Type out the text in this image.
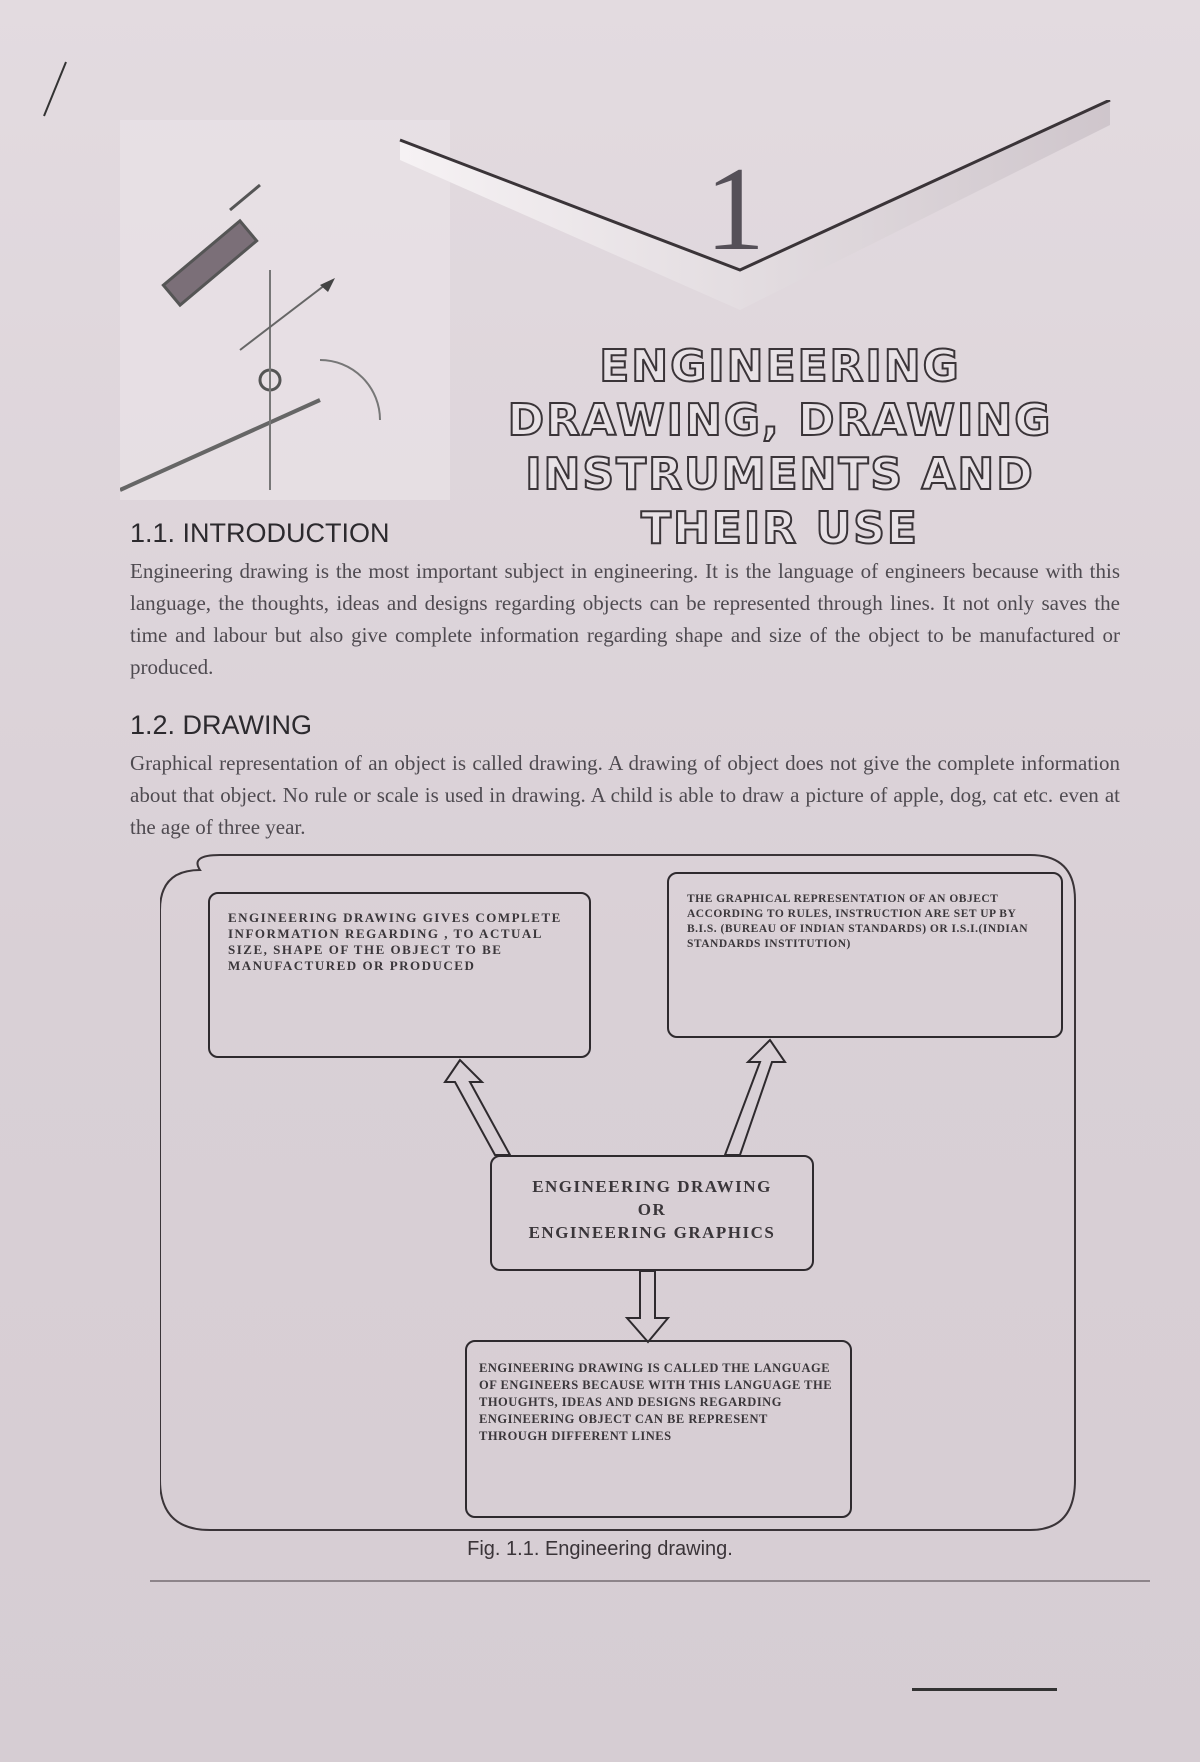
1
ENGINEERING DRAWING, DRAWING INSTRUMENTS AND THEIR USE

1.1. INTRODUCTION

Engineering drawing is the most important subject in engineering. It is the language of engineers because with this language, the thoughts, ideas and designs regarding objects can be represented through lines. It not only saves the time and labour but also give complete information regarding shape and size of the object to be manufactured or produced.

1.2. DRAWING

Graphical representation of an object is called drawing. A drawing of object does not give the complete information about that object. No rule or scale is used in drawing. A child is able to draw a picture of apple, dog, cat etc. even at the age of three year.

ENGINEERING DRAWING GIVES COMPLETE INFORMATION REGARDING , TO ACTUAL SIZE, SHAPE OF THE OBJECT TO BE MANUFACTURED OR PRODUCED
THE GRAPHICAL REPRESENTATION OF AN OBJECT ACCORDING TO RULES, INSTRUCTION ARE SET UP BY B.I.S. (BUREAU OF INDIAN STANDARDS) OR I.S.I.(INDIAN STANDARDS INSTITUTION)
ENGINEERING DRAWING
OR
ENGINEERING GRAPHICS
ENGINEERING DRAWING IS CALLED THE LANGUAGE OF ENGINEERS BECAUSE WITH THIS LANGUAGE THE THOUGHTS, IDEAS AND DESIGNS REGARDING ENGINEERING OBJECT CAN BE REPRESENT THROUGH DIFFERENT LINES
Fig. 1.1. Engineering drawing.
